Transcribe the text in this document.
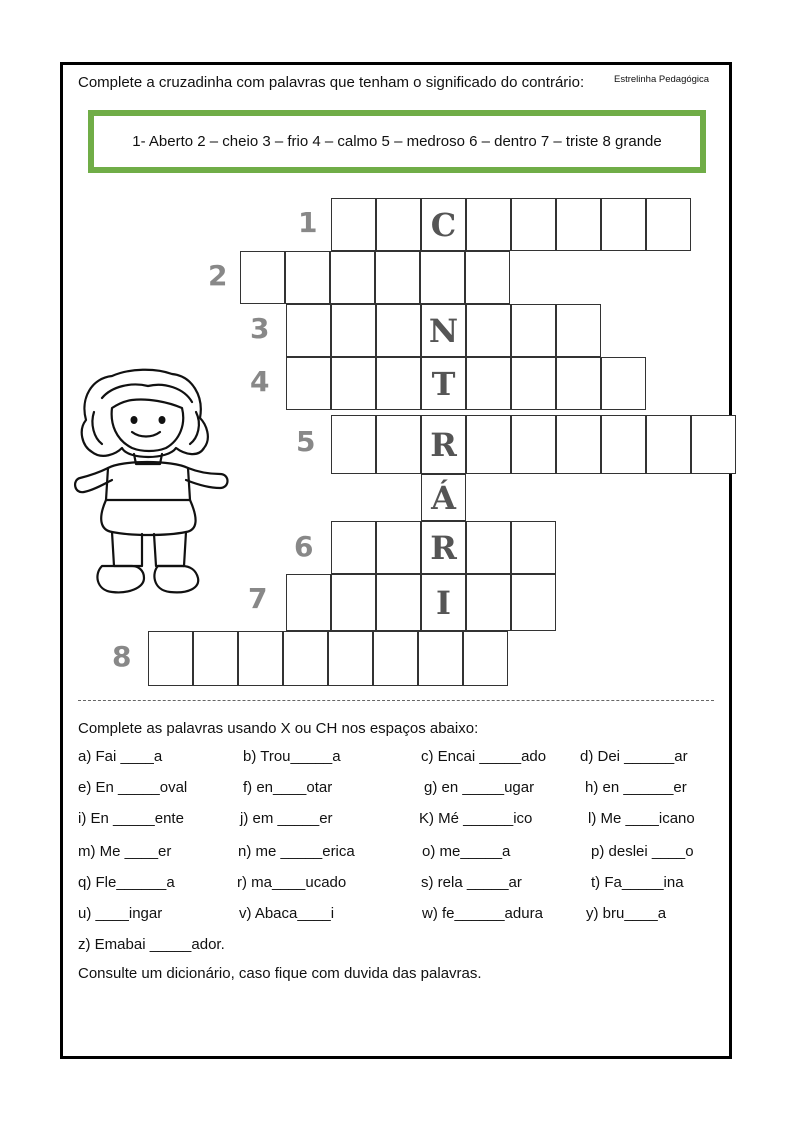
Complete a cruzadinha com palavras que tenham o significado do contrário:	Estrelinha Pedagógica
1- Aberto 2 – cheio 3 – frio 4 – calmo 5 – medroso 6 – dentro 7 – triste 8 grande
C
1
2
N
3
T
4
R
5
Á
R
6
I
7
8
Complete as palavras usando X ou CH nos espaços abaixo:
a) Fai ____a	b) Trou_____a	c) Encai _____ado d) Dei ______ar
e) En _____oval	f) en____otar	g) en _____ugar	h) en ______er
i) En _____ente	j) em _____er	K) Mé ______ico	l) Me ____icano
m) Me ____er	n) me _____erica	o) me_____a	p) deslei ____o
q) Fle______a	r) ma____ucado	s) rela _____ar	t) Fa_____ina
u) ____ingar	v) Abaca____i	w) fe______adura	y) bru____a
z) Emabai _____ador.
Consulte um dicionário, caso fique com duvida das palavras.
